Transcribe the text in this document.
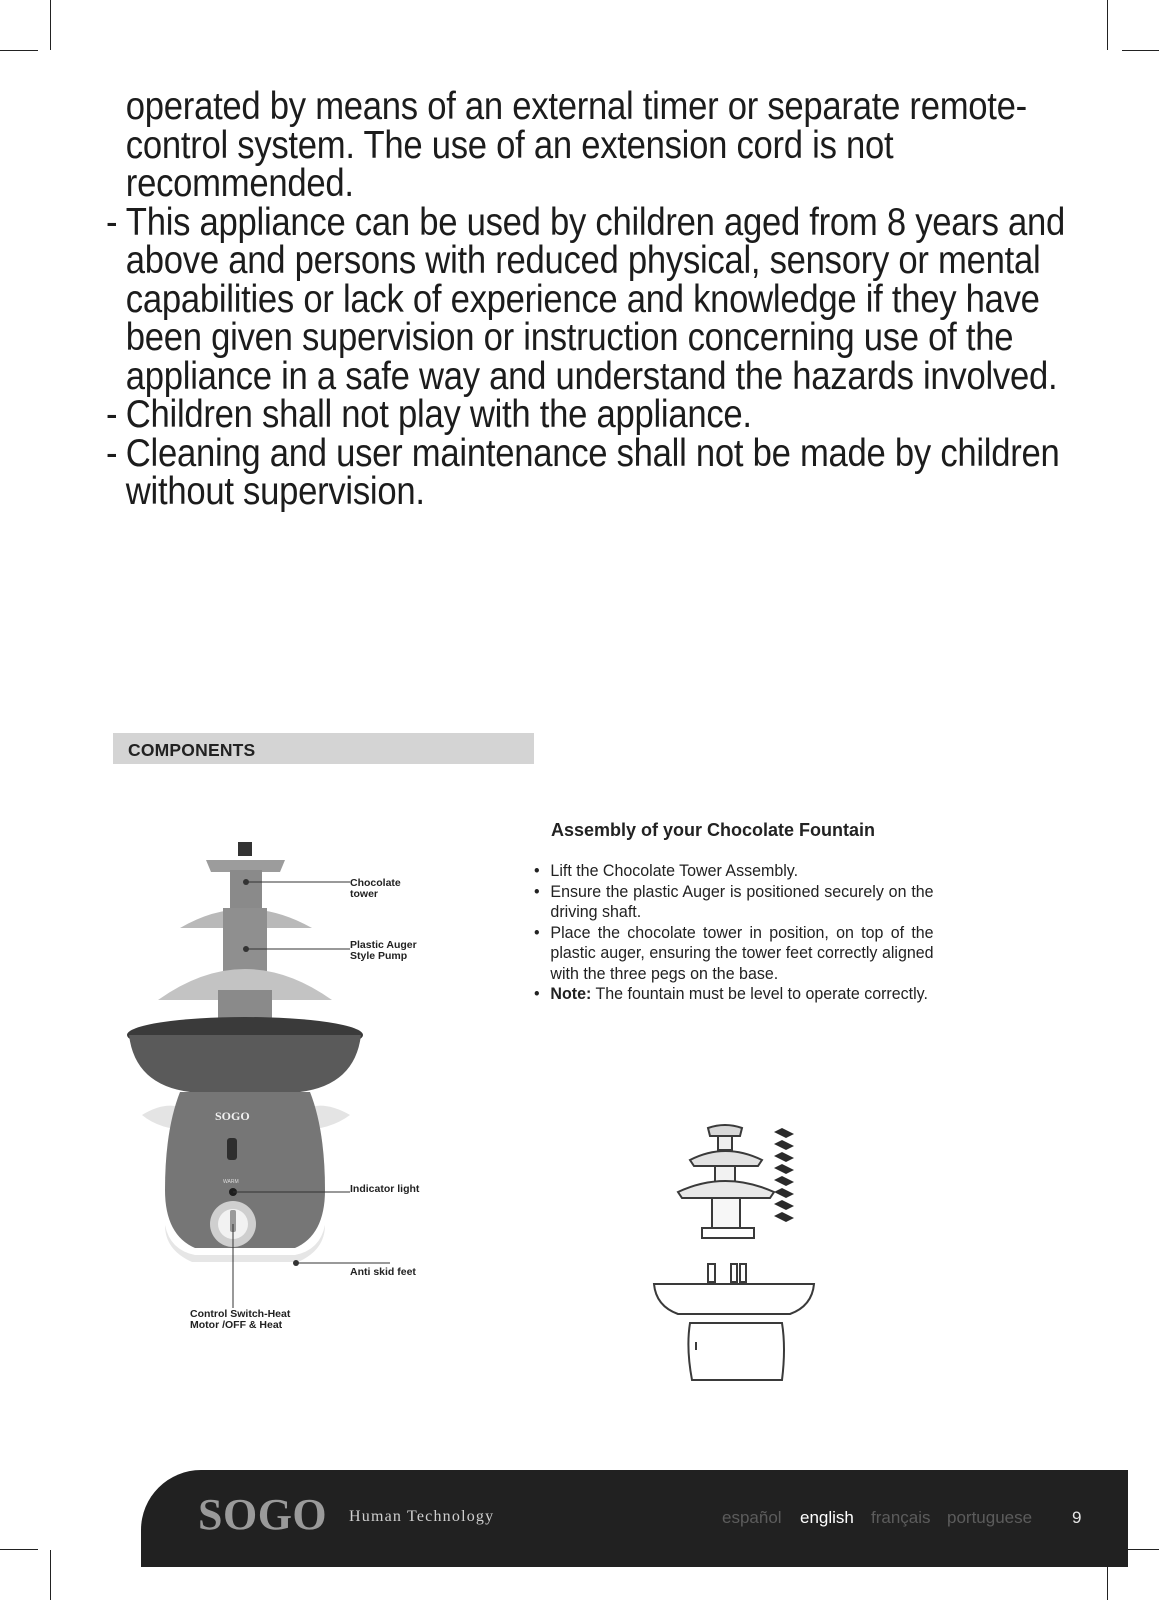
operated by means of an external timer or separate remote-control system. The use of an extension cord is not recommended.

- This appliance can be used by children aged from 8 years and above and persons with reduced physical, sensory or mental capabilities or lack of experience and knowledge if they have been given supervision or instruction concerning use of the appliance in a safe way and understand the hazards involved.

- Children shall not play with the appliance.

- Cleaning and user maintenance shall not be made by children without supervision.

COMPONENTS
SOGO
WARM
Chocolate
tower
Plastic Auger
Style Pump
Indicator light
Anti skid feet
Control Switch-Heat
Motor /OFF & Heat
Assembly of your Chocolate Fountain
• Lift the Chocolate Tower Assembly.
• Ensure the plastic Auger is positioned securely on the driving shaft.
• Place the chocolate tower in position, on top of the plastic auger, ensuring the tower feet correctly aligned with the three pegs on the base.
• Note: The fountain must be level to operate correctly.
SOGO Human Technology	español english français portuguese 9
